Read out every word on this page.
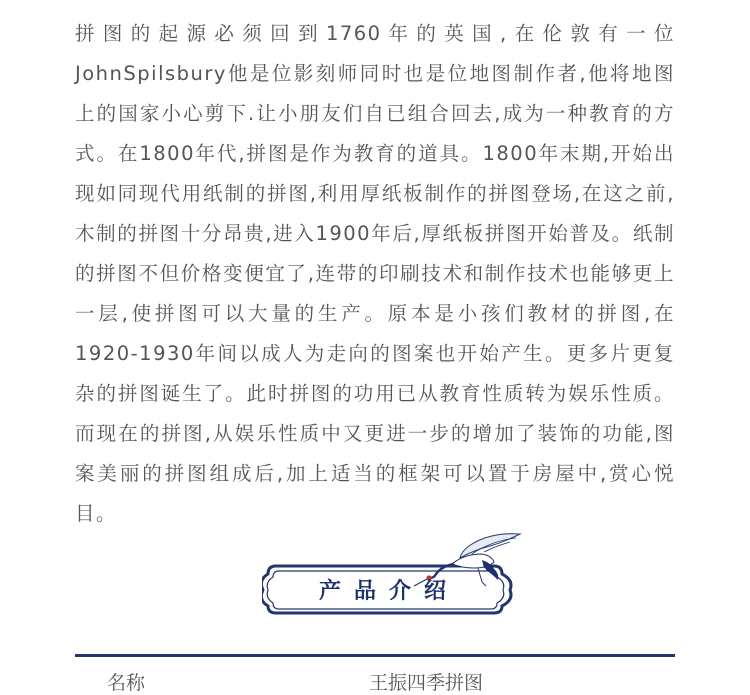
拼图的起源必须回到1760年的英国,在伦敦有一位JohnSpilsbury他是位影刻师同时也是位地图制作者,他将地图上的国家小心剪下.让小朋友们自已组合回去,成为一种教育的方式。在1800年代,拼图是作为教育的道具。1800年末期,开始出现如同现代用纸制的拼图,利用厚纸板制作的拼图登场,在这之前,木制的拼图十分昂贵,进入1900年后,厚纸板拼图开始普及。纸制的拼图不但价格变便宜了,连带的印刷技术和制作技术也能够更上一层,使拼图可以大量的生产。原本是小孩们教材的拼图,在1920-1930年间以成人为走向的图案也开始产生。更多片更复杂的拼图诞生了。此时拼图的功用已从教育性质转为娱乐性质。而现在的拼图,从娱乐性质中又更进一步的增加了装饰的功能,图案美丽的拼图组成后,加上适当的框架可以置于房屋中,赏心悦目。

产品介绍
名称	王振四季拼图
